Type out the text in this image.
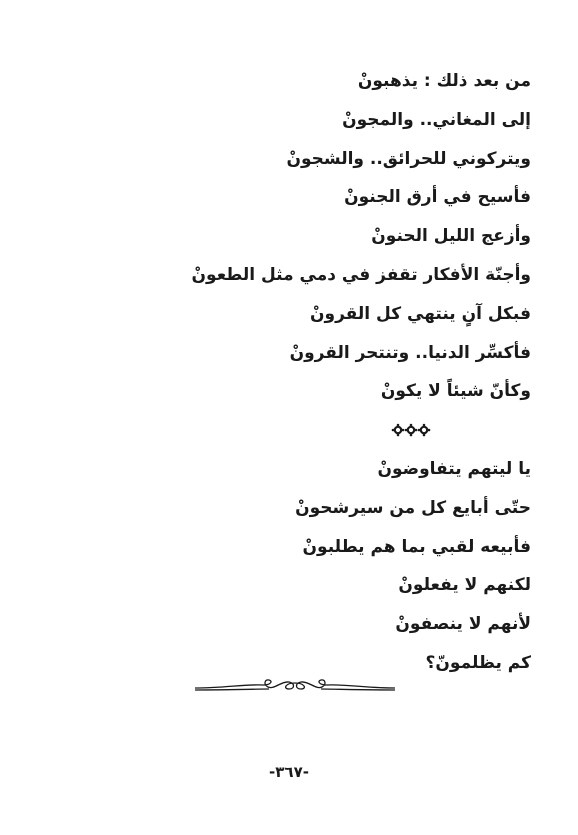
من بعد ذلك : يذهبونْ
إلى المغاني.. والمجونْ
ويتركوني للحرائق.. والشجونْ
فأسيح في أرق الجنونْ
وأزعج الليل الحنونْ
وأجنّة الأفكار تقفز في دمي مثل الطعونْ
فبكل آنٍ ينتهي كل القرونْ
فأكسِّر الدنيا.. وتنتحر القرونْ
وكأنّ شيئاً لا يكونْ
يا ليتهم يتفاوضونْ
حتّى أبايع كل من سيرشحونْ
فأبيعه لقبي بما هم يطلبونْ
لكنهم لا يفعلونْ
لأنهم لا ينصفونْ
كم يظلمونّ؟
-٣٦٧-
